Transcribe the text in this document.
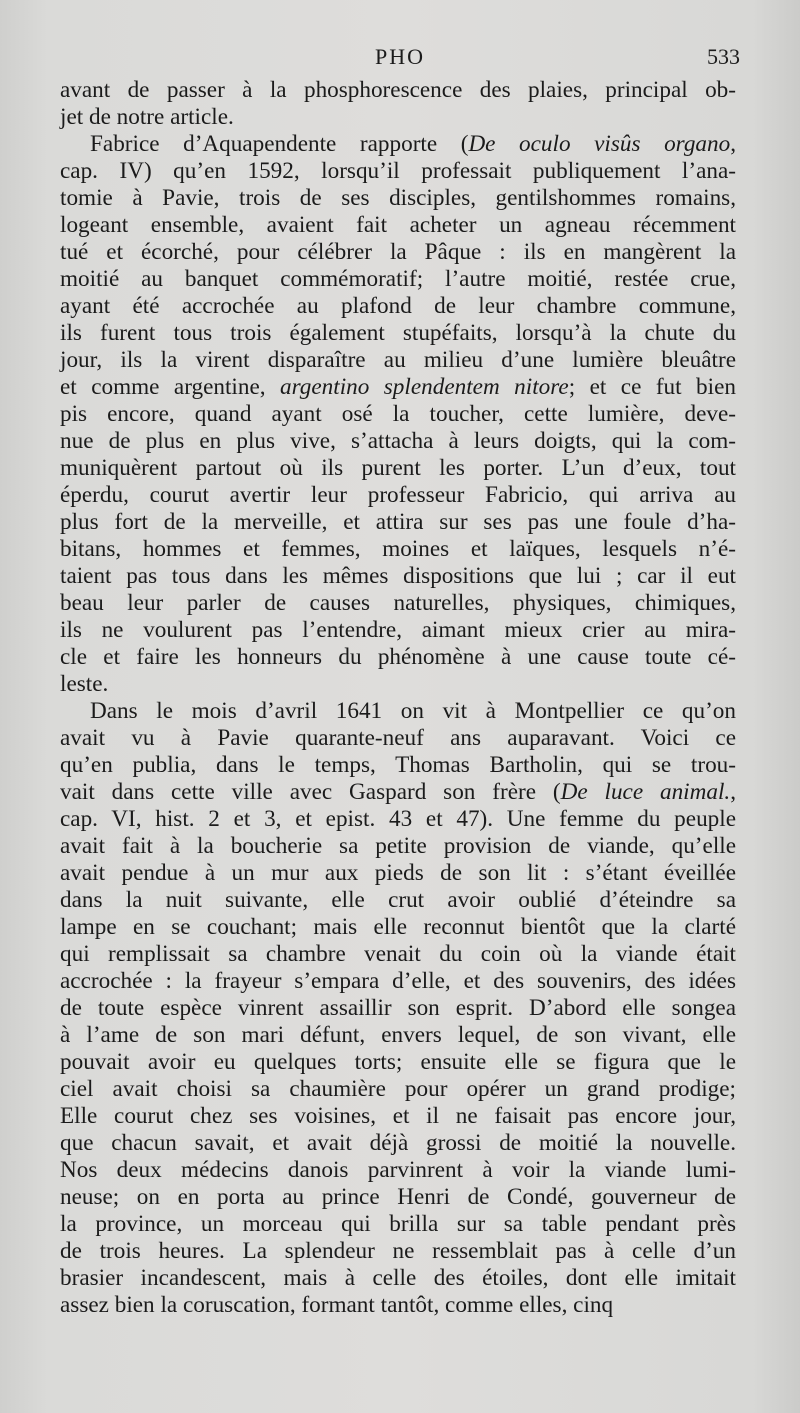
PHO	533
avant de passer à la phosphorescence des plaies, principal ob-
jet de notre article.
Fabrice d’Aquapendente rapporte (De oculo visûs organo,
cap. IV) qu’en 1592, lorsqu’il professait publiquement l’ana-
tomie à Pavie, trois de ses disciples, gentilshommes romains,
logeant ensemble, avaient fait acheter un agneau récemment
tué et écorché, pour célébrer la Pâque : ils en mangèrent la
moitié au banquet commémoratif; l’autre moitié, restée crue,
ayant été accrochée au plafond de leur chambre commune,
ils furent tous trois également stupéfaits, lorsqu’à la chute du
jour, ils la virent disparaître au milieu d’une lumière bleuâtre
et comme argentine, argentino splendentem nitore; et ce fut bien
pis encore, quand ayant osé la toucher, cette lumière, deve-
nue de plus en plus vive, s’attacha à leurs doigts, qui la com-
muniquèrent partout où ils purent les porter. L’un d’eux, tout
éperdu, courut avertir leur professeur Fabricio, qui arriva au
plus fort de la merveille, et attira sur ses pas une foule d’ha-
bitans, hommes et femmes, moines et laïques, lesquels n’é-
taient pas tous dans les mêmes dispositions que lui ; car il eut
beau leur parler de causes naturelles, physiques, chimiques,
ils ne voulurent pas l’entendre, aimant mieux crier au mira-
cle et faire les honneurs du phénomène à une cause toute cé-
leste.
Dans le mois d’avril 1641 on vit à Montpellier ce qu’on
avait vu à Pavie quarante-neuf ans auparavant. Voici ce
qu’en publia, dans le temps, Thomas Bartholin, qui se trou-
vait dans cette ville avec Gaspard son frère (De luce animal.,
cap. VI, hist. 2 et 3, et epist. 43 et 47). Une femme du peuple
avait fait à la boucherie sa petite provision de viande, qu’elle
avait pendue à un mur aux pieds de son lit : s’étant éveillée
dans la nuit suivante, elle crut avoir oublié d’éteindre sa
lampe en se couchant; mais elle reconnut bientôt que la clarté
qui remplissait sa chambre venait du coin où la viande était
accrochée : la frayeur s’empara d’elle, et des souvenirs, des idées
de toute espèce vinrent assaillir son esprit. D’abord elle songea
à l’ame de son mari défunt, envers lequel, de son vivant, elle
pouvait avoir eu quelques torts; ensuite elle se figura que le
ciel avait choisi sa chaumière pour opérer un grand prodige;
Elle courut chez ses voisines, et il ne faisait pas encore jour,
que chacun savait, et avait déjà grossi de moitié la nouvelle.
Nos deux médecins danois parvinrent à voir la viande lumi-
neuse; on en porta au prince Henri de Condé, gouverneur de
la province, un morceau qui brilla sur sa table pendant près
de trois heures. La splendeur ne ressemblait pas à celle d’un
brasier incandescent, mais à celle des étoiles, dont elle imitait
assez bien la coruscation, formant tantôt, comme elles, cinq
